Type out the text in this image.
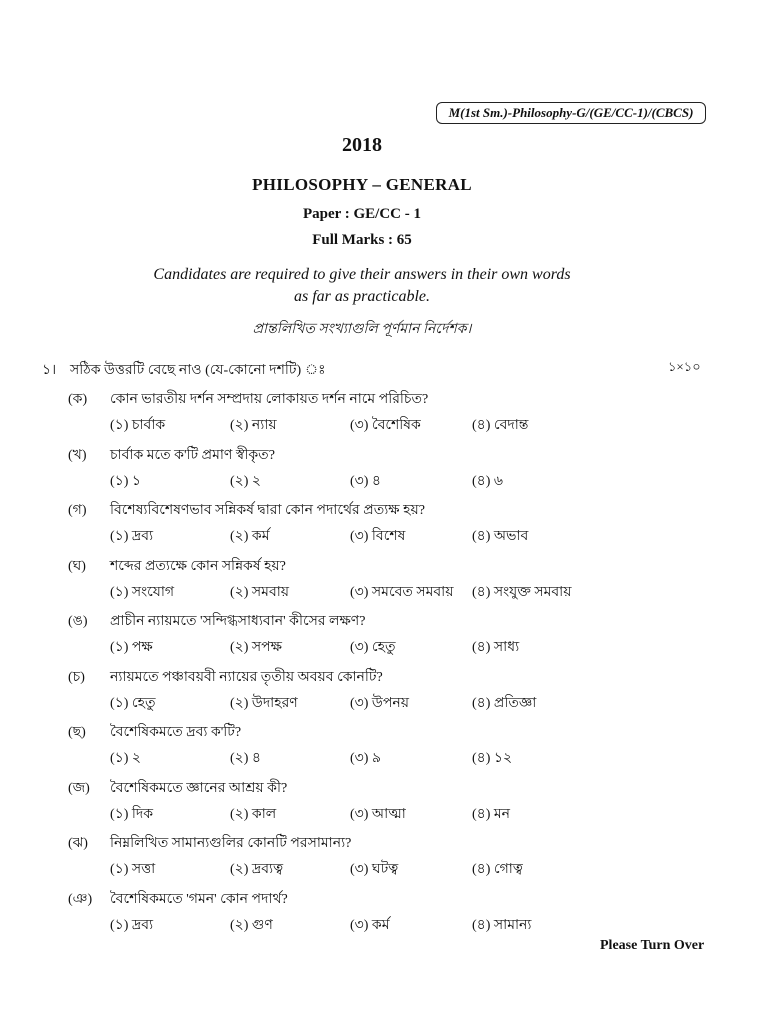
M(1st Sm.)-Philosophy-G/(GE/CC-1)/(CBCS)
2018
PHILOSOPHY – GENERAL
Paper : GE/CC - 1
Full Marks : 65
Candidates are required to give their answers in their own words
as far as practicable.
প্রান্তলিখিত সংখ্যাগুলি পূর্ণমান নির্দেশক।
১। সঠিক উত্তরটি বেছে নাও (যে-কোনো দশটি) ঃ	১×১০
(ক) কোন ভারতীয় দর্শন সম্প্রদায় লোকায়ত দর্শন নামে পরিচিত?
(১) চার্বাক	(২) ন্যায়	(৩) বৈশেষিক	(৪) বেদান্ত
(খ) চার্বাক মতে ক'টি প্রমাণ স্বীকৃত?
(১) ১	(২) ২	(৩) ৪	(৪) ৬
(গ) বিশেষ্যবিশেষণভাব সন্নিকর্ষ দ্বারা কোন পদার্থের প্রত্যক্ষ হয়?
(১) দ্রব্য	(২) কর্ম	(৩) বিশেষ	(৪) অভাব
(ঘ) শব্দের প্রত্যক্ষে কোন সন্নিকর্ষ হয়?
(১) সংযোগ	(২) সমবায়	(৩) সমবেত সমবায় (৪) সংযুক্ত সমবায়
(ঙ) প্রাচীন ন্যায়মতে 'সন্দিগ্ধসাধ্যবান' কীসের লক্ষণ?
(১) পক্ষ	(২) সপক্ষ	(৩) হেতু	(৪) সাধ্য
(চ) ন্যায়মতে পঞ্চাবয়বী ন্যায়ের তৃতীয় অবয়ব কোনটি?
(১) হেতু	(২) উদাহরণ	(৩) উপনয়	(৪) প্রতিজ্ঞা
(ছ) বৈশেষিকমতে দ্রব্য ক'টি?
(১) ২	(২) ৪	(৩) ৯	(৪) ১২
(জ) বৈশেষিকমতে জ্ঞানের আশ্রয় কী?
(১) দিক	(২) কাল	(৩) আত্মা	(৪) মন
(ঝ) নিম্নলিখিত সামান্যগুলির কোনটি পরসামান্য?
(১) সত্তা	(২) দ্রব্যত্ব	(৩) ঘটত্ব	(৪) গোত্ব
(ঞ) বৈশেষিকমতে 'গমন' কোন পদার্থ?
(১) দ্রব্য	(২) গুণ	(৩) কর্ম	(৪) সামান্য
Please Turn Over
